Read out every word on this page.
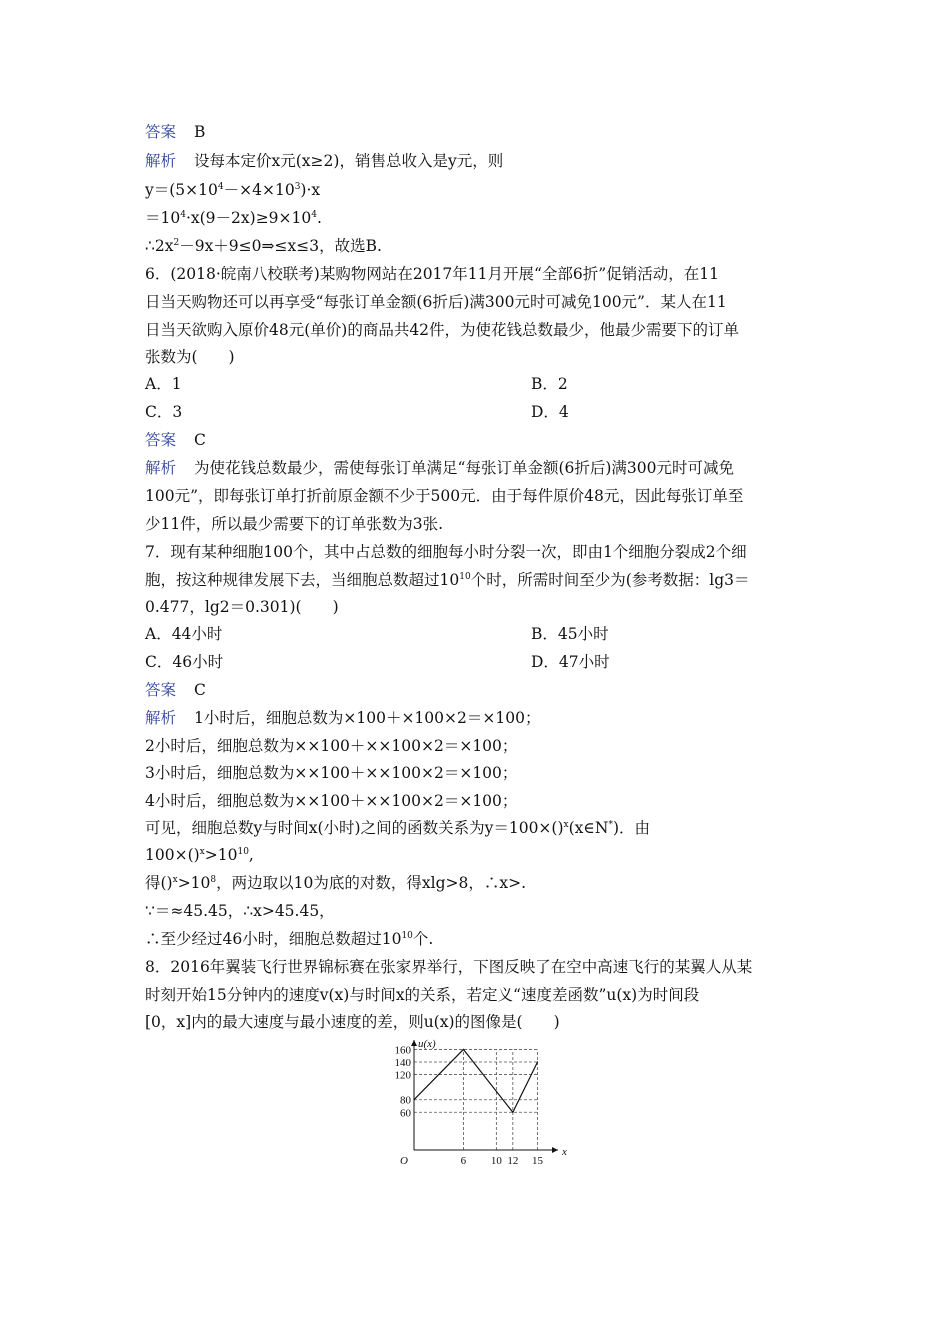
答案 B
解析 设每本定价x元(x≥2)，销售总收入是y元，则
$y=(5\times 10^4-\times 4\times 10^3)\cdot x$
$=10^4\cdot x(9-2x)\ge 9\times 10^4$.
$\therefore 2x^2-9x+9\le 0\Rightarrow\le x\le 3$，故选B.
6．(2018·皖南八校联考)某购物网站在2017年11月开展“全部6折”促销活动，在11
日当天购物还可以再享受“每张订单金额(6折后)满300元时可减免100元”．某人在11
日当天欲购入原价48元(单价)的商品共42件，为使花钱总数最少，他最少需要下的订单
张数为(　　)
A．1	B．2
C．3	D．4
答案 C
解析 为使花钱总数最少，需使每张订单满足“每张订单金额(6折后)满300元时可减免
100元”，即每张订单打折前原金额不少于500元．由于每件原价48元，因此每张订单至
少11件，所以最少需要下的订单张数为3张.
7．现有某种细胞100个，其中占总数的细胞每小时分裂一次，即由1个细胞分裂成2个细
胞，按这种规律发展下去，当细胞总数超过$10^{10}$个时，所需时间至少为(参考数据：lg3＝
0.477，lg2＝0.301)(　　)
A．44小时	B．45小时
C．46小时	D．47小时
答案 C
解析 1小时后，细胞总数为×100＋×100×2＝×100；
2小时后，细胞总数为××100＋××100×2＝×100；
3小时后，细胞总数为××100＋××100×2＝×100；
4小时后，细胞总数为××100＋××100×2＝×100；
可见，细胞总数y与时间x(小时)之间的函数关系为y＝100×()$^x$(x∈N*)．由
$100\times()^x>10^{10}$,
得$()^x>10^8$，两边取以10为底的对数，得xlg>8，∴x>.
∵＝≈45.45，∴x>45.45，
∴至少经过46小时，细胞总数超过$10^{10}$个.
8．2016年翼装飞行世界锦标赛在张家界举行，下图反映了在空中高速飞行的某翼人从某
时刻开始15分钟内的速度v(x)与时间x的关系，若定义“速度差函数”u(x)为时间段
[0，x]内的最大速度与最小速度的差，则u(x)的图像是(　　)
6 10 12 15
60
80
120
140
160
u(x)
x
O
